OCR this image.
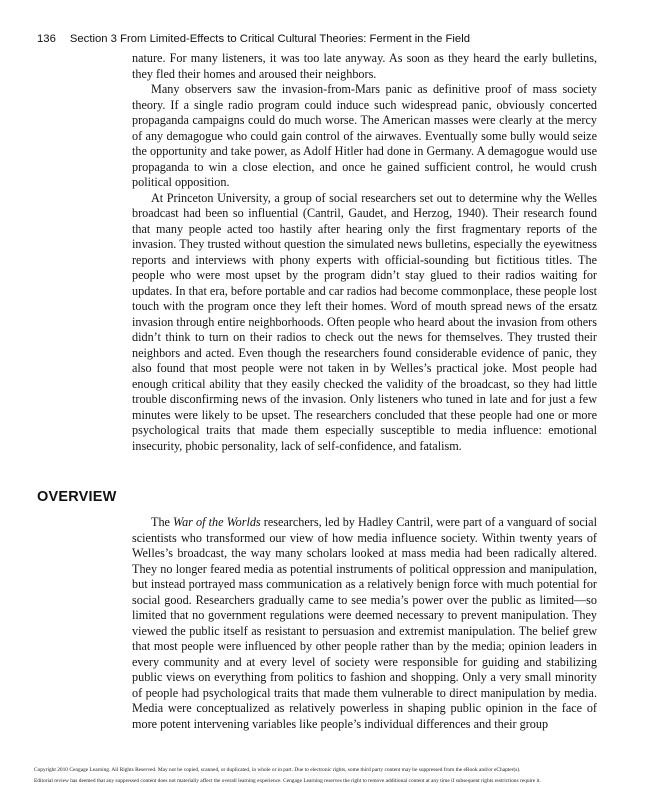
136 Section 3 From Limited-Effects to Critical Cultural Theories: Ferment in the Field

nature. For many listeners, it was too late anyway. As soon as they heard the early bulletins, they fled their homes and aroused their neighbors.

Many observers saw the invasion-from-Mars panic as definitive proof of mass society theory. If a single radio program could induce such widespread panic, obviously concerted propaganda campaigns could do much worse. The American masses were clearly at the mercy of any demagogue who could gain control of the airwaves. Eventually some bully would seize the opportunity and take power, as Adolf Hitler had done in Germany. A demagogue would use propaganda to win a close election, and once he gained sufficient control, he would crush political opposition.

At Princeton University, a group of social researchers set out to determine why the Welles broadcast had been so influential (Cantril, Gaudet, and Herzog, 1940). Their research found that many people acted too hastily after hearing only the first fragmentary reports of the invasion. They trusted without question the simulated news bulletins, especially the eyewitness reports and interviews with phony experts with official-sounding but fictitious titles. The people who were most upset by the program didn’t stay glued to their radios waiting for updates. In that era, before portable and car radios had become commonplace, these people lost touch with the program once they left their homes. Word of mouth spread news of the ersatz invasion through entire neighborhoods. Often people who heard about the invasion from others didn’t think to turn on their radios to check out the news for themselves. They trusted their neighbors and acted. Even though the researchers found considerable evidence of panic, they also found that most people were not taken in by Welles’s practical joke. Most people had enough critical ability that they easily checked the validity of the broadcast, so they had little trouble disconfirming news of the invasion. Only listeners who tuned in late and for just a few minutes were likely to be upset. The researchers concluded that these people had one or more psychological traits that made them especially susceptible to media influence: emotional insecurity, phobic personality, lack of self-confidence, and fatalism.

OVERVIEW

The War of the Worlds researchers, led by Hadley Cantril, were part of a vanguard of social scientists who transformed our view of how media influence society. Within twenty years of Welles’s broadcast, the way many scholars looked at mass media had been radically altered. They no longer feared media as potential instruments of political oppression and manipulation, but instead portrayed mass communication as a relatively benign force with much potential for social good. Researchers gradually came to see media’s power over the public as limited—so limited that no government regulations were deemed necessary to prevent manipulation. They viewed the public itself as resistant to persuasion and extremist manipulation. The belief grew that most people were influenced by other people rather than by the media; opinion leaders in every community and at every level of society were responsible for guiding and stabilizing public views on everything from politics to fashion and shopping. Only a very small minority of people had psychological traits that made them vulnerable to direct manipulation by media. Media were conceptualized as relatively powerless in shaping public opinion in the face of more potent intervening variables like people’s individual differences and their group

Copyright 2010 Cengage Learning. All Rights Reserved. May not be copied, scanned, or duplicated, in whole or in part. Due to electronic rights, some third party content may be suppressed from the eBook and/or eChapter(s).
Editorial review has deemed that any suppressed content does not materially affect the overall learning experience. Cengage Learning reserves the right to remove additional content at any time if subsequent rights restrictions require it.
